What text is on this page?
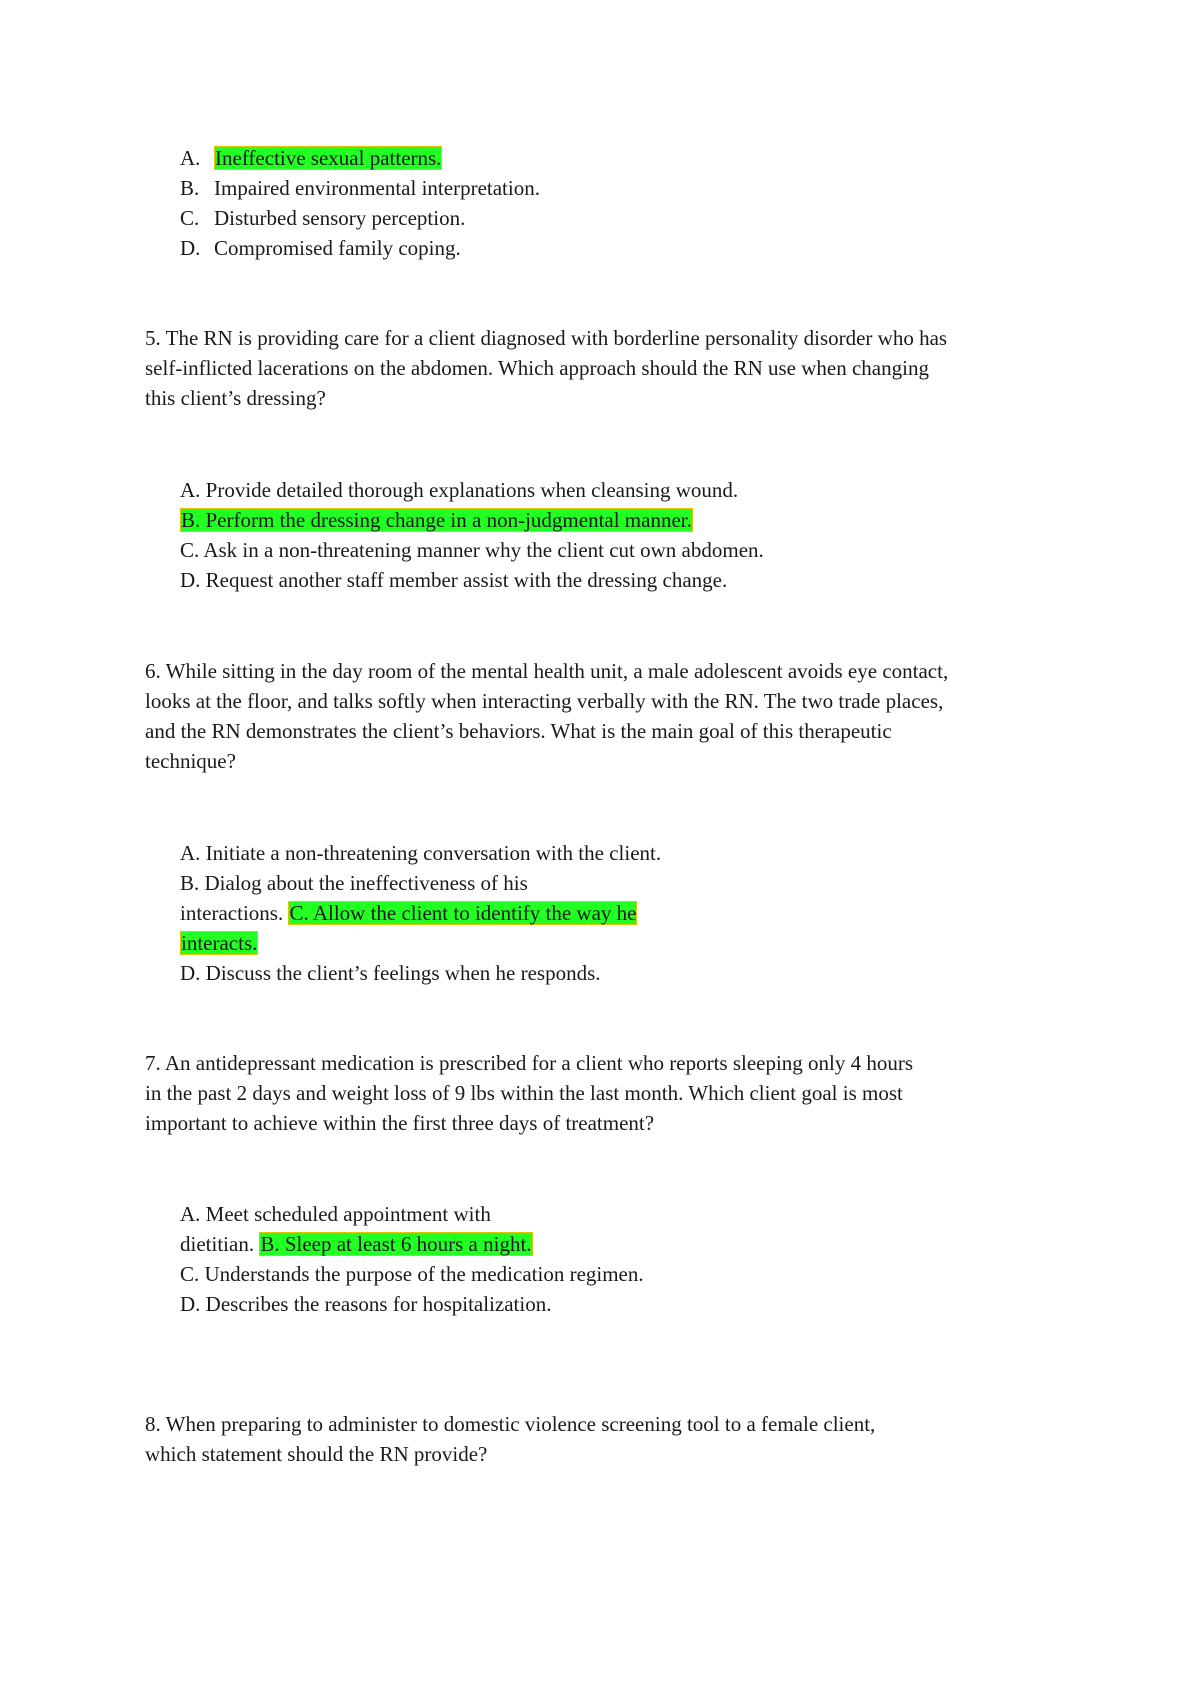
A. Ineffective sexual patterns.
B. Impaired environmental interpretation.
C. Disturbed sensory perception.
D. Compromised family coping.
5. The RN is providing care for a client diagnosed with borderline personality disorder who has
self-inflicted lacerations on the abdomen. Which approach should the RN use when changing
this client’s dressing?
A. Provide detailed thorough explanations when cleansing wound.
B. Perform the dressing change in a non-judgmental manner.
C. Ask in a non-threatening manner why the client cut own abdomen.
D. Request another staff member assist with the dressing change.
6. While sitting in the day room of the mental health unit, a male adolescent avoids eye contact,
looks at the floor, and talks softly when interacting verbally with the RN. The two trade places,
and the RN demonstrates the client’s behaviors. What is the main goal of this therapeutic
technique?
A. Initiate a non-threatening conversation with the client.
B. Dialog about the ineffectiveness of his
interactions. C. Allow the client to identify the way he
interacts.
D. Discuss the client’s feelings when he responds.
7. An antidepressant medication is prescribed for a client who reports sleeping only 4 hours
in the past 2 days and weight loss of 9 lbs within the last month. Which client goal is most
important to achieve within the first three days of treatment?
A. Meet scheduled appointment with
dietitian. B. Sleep at least 6 hours a night.
C. Understands the purpose of the medication regimen.
D. Describes the reasons for hospitalization.
8. When preparing to administer to domestic violence screening tool to a female client,
which statement should the RN provide?
